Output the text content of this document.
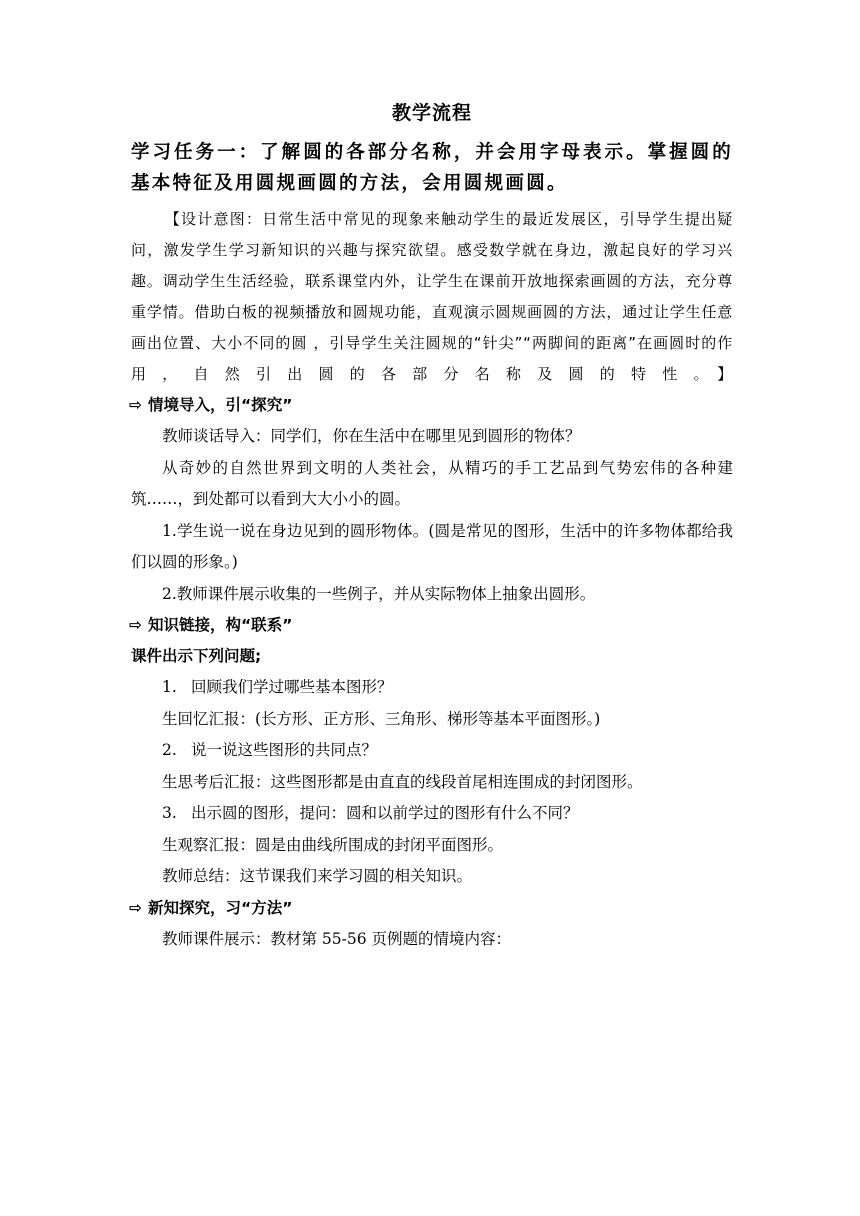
教学流程
学习任务一：了解圆的各部分名称，并会用字母表示。掌握圆的基本特征及用圆规画圆的方法，会用圆规画圆。
【设计意图：日常生活中常见的现象来触动学生的最近发展区，引导学生提出疑问，激发学生学习新知识的兴趣与探究欲望。感受数学就在身边，激起良好的学习兴趣。调动学生生活经验，联系课堂内外，让学生在课前开放地探索画圆的方法，充分尊重学情。借助白板的视频播放和圆规功能，直观演示圆规画圆的方法，通过让学生任意画出位置、大小不同的圆 ，引导学生关注圆规的“针尖”“两脚间的距离”在画圆时的作用，自然引出圆的各部分名称及圆的特性。】
⇨ 情境导入，引“探究”
教师谈话导入：同学们，你在生活中在哪里见到圆形的物体？
从奇妙的自然世界到文明的人类社会，从精巧的手工艺品到气势宏伟的各种建筑……，到处都可以看到大大小小的圆。
1.学生说一说在身边见到的圆形物体。(圆是常见的图形，生活中的许多物体都给我们以圆的形象。)
2.教师课件展示收集的一些例子，并从实际物体上抽象出圆形。
⇨ 知识链接，构“联系”
课件出示下列问题;
1. 回顾我们学过哪些基本图形？
生回忆汇报：(长方形、正方形、三角形、梯形等基本平面图形。)
2. 说一说这些图形的共同点？
生思考后汇报：这些图形都是由直直的线段首尾相连围成的封闭图形。
3. 出示圆的图形，提问：圆和以前学过的图形有什么不同？
生观察汇报：圆是由曲线所围成的封闭平面图形。
教师总结：这节课我们来学习圆的相关知识。
⇨ 新知探究，习“方法”
教师课件展示：教材第 55-56 页例题的情境内容：
